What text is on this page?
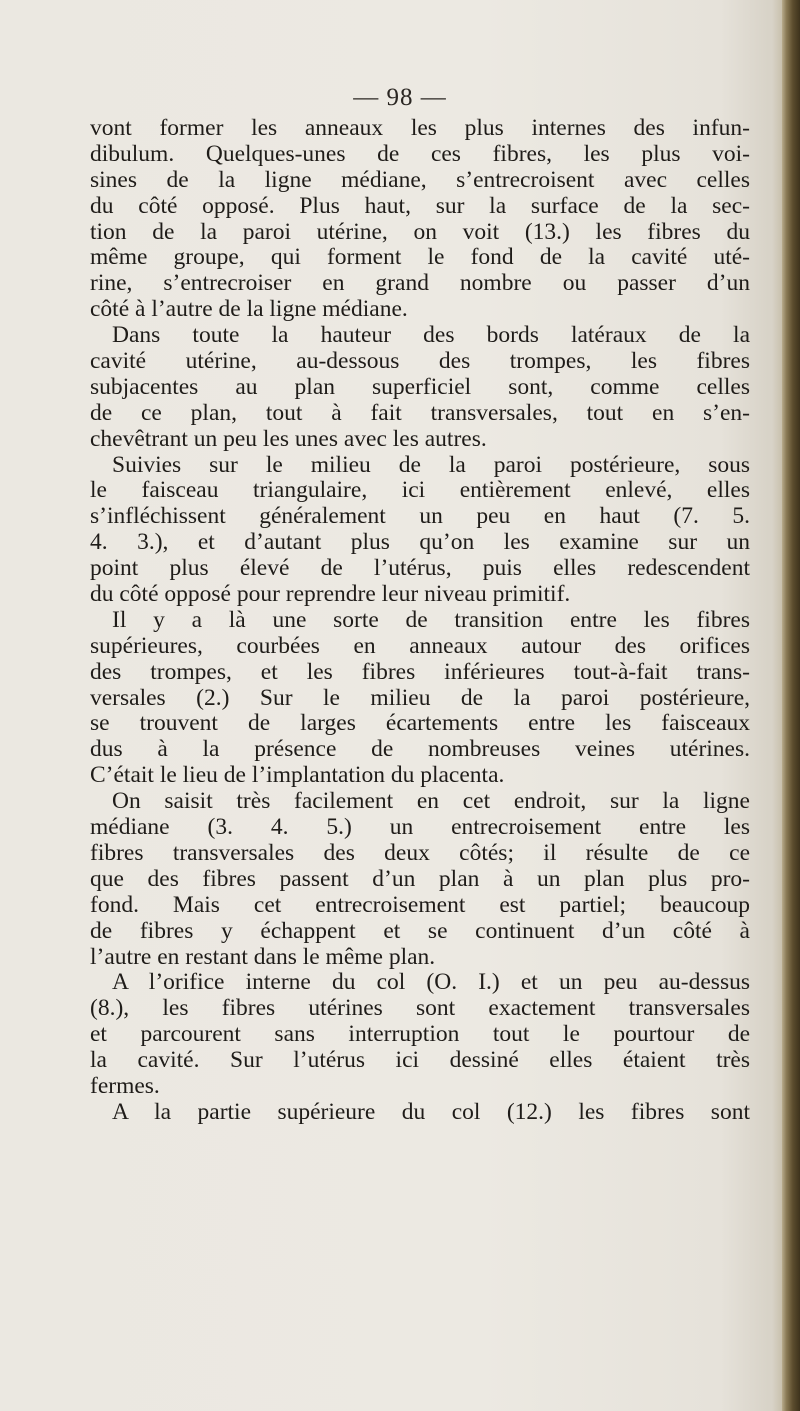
— 98 —
vont former les anneaux les plus internes des infun-
dibulum. Quelques-unes de ces fibres, les plus voi-
sines de la ligne médiane, s’entrecroisent avec celles
du côté opposé. Plus haut, sur la surface de la sec-
tion de la paroi utérine, on voit (13.) les fibres du
même groupe, qui forment le fond de la cavité uté-
rine, s’entrecroiser en grand nombre ou passer d’un
côté à l’autre de la ligne médiane.
Dans toute la hauteur des bords latéraux de la
cavité utérine, au-dessous des trompes, les fibres
subjacentes au plan superficiel sont, comme celles
de ce plan, tout à fait transversales, tout en s’en-
chevêtrant un peu les unes avec les autres.
Suivies sur le milieu de la paroi postérieure, sous
le faisceau triangulaire, ici entièrement enlevé, elles
s’infléchissent généralement un peu en haut (7. 5.
4. 3.), et d’autant plus qu’on les examine sur un
point plus élevé de l’utérus, puis elles redescendent
du côté opposé pour reprendre leur niveau primitif.
Il y a là une sorte de transition entre les fibres
supérieures, courbées en anneaux autour des orifices
des trompes, et les fibres inférieures tout-à-fait trans-
versales (2.) Sur le milieu de la paroi postérieure,
se trouvent de larges écartements entre les faisceaux
dus à la présence de nombreuses veines utérines.
C’était le lieu de l’implantation du placenta.
On saisit très facilement en cet endroit, sur la ligne
médiane (3. 4. 5.) un entrecroisement entre les
fibres transversales des deux côtés; il résulte de ce
que des fibres passent d’un plan à un plan plus pro-
fond. Mais cet entrecroisement est partiel; beaucoup
de fibres y échappent et se continuent d’un côté à
l’autre en restant dans le même plan.
A l’orifice interne du col (O. I.) et un peu au-dessus
(8.), les fibres utérines sont exactement transversales
et parcourent sans interruption tout le pourtour de
la cavité. Sur l’utérus ici dessiné elles étaient très
fermes.
A la partie supérieure du col (12.) les fibres sont
